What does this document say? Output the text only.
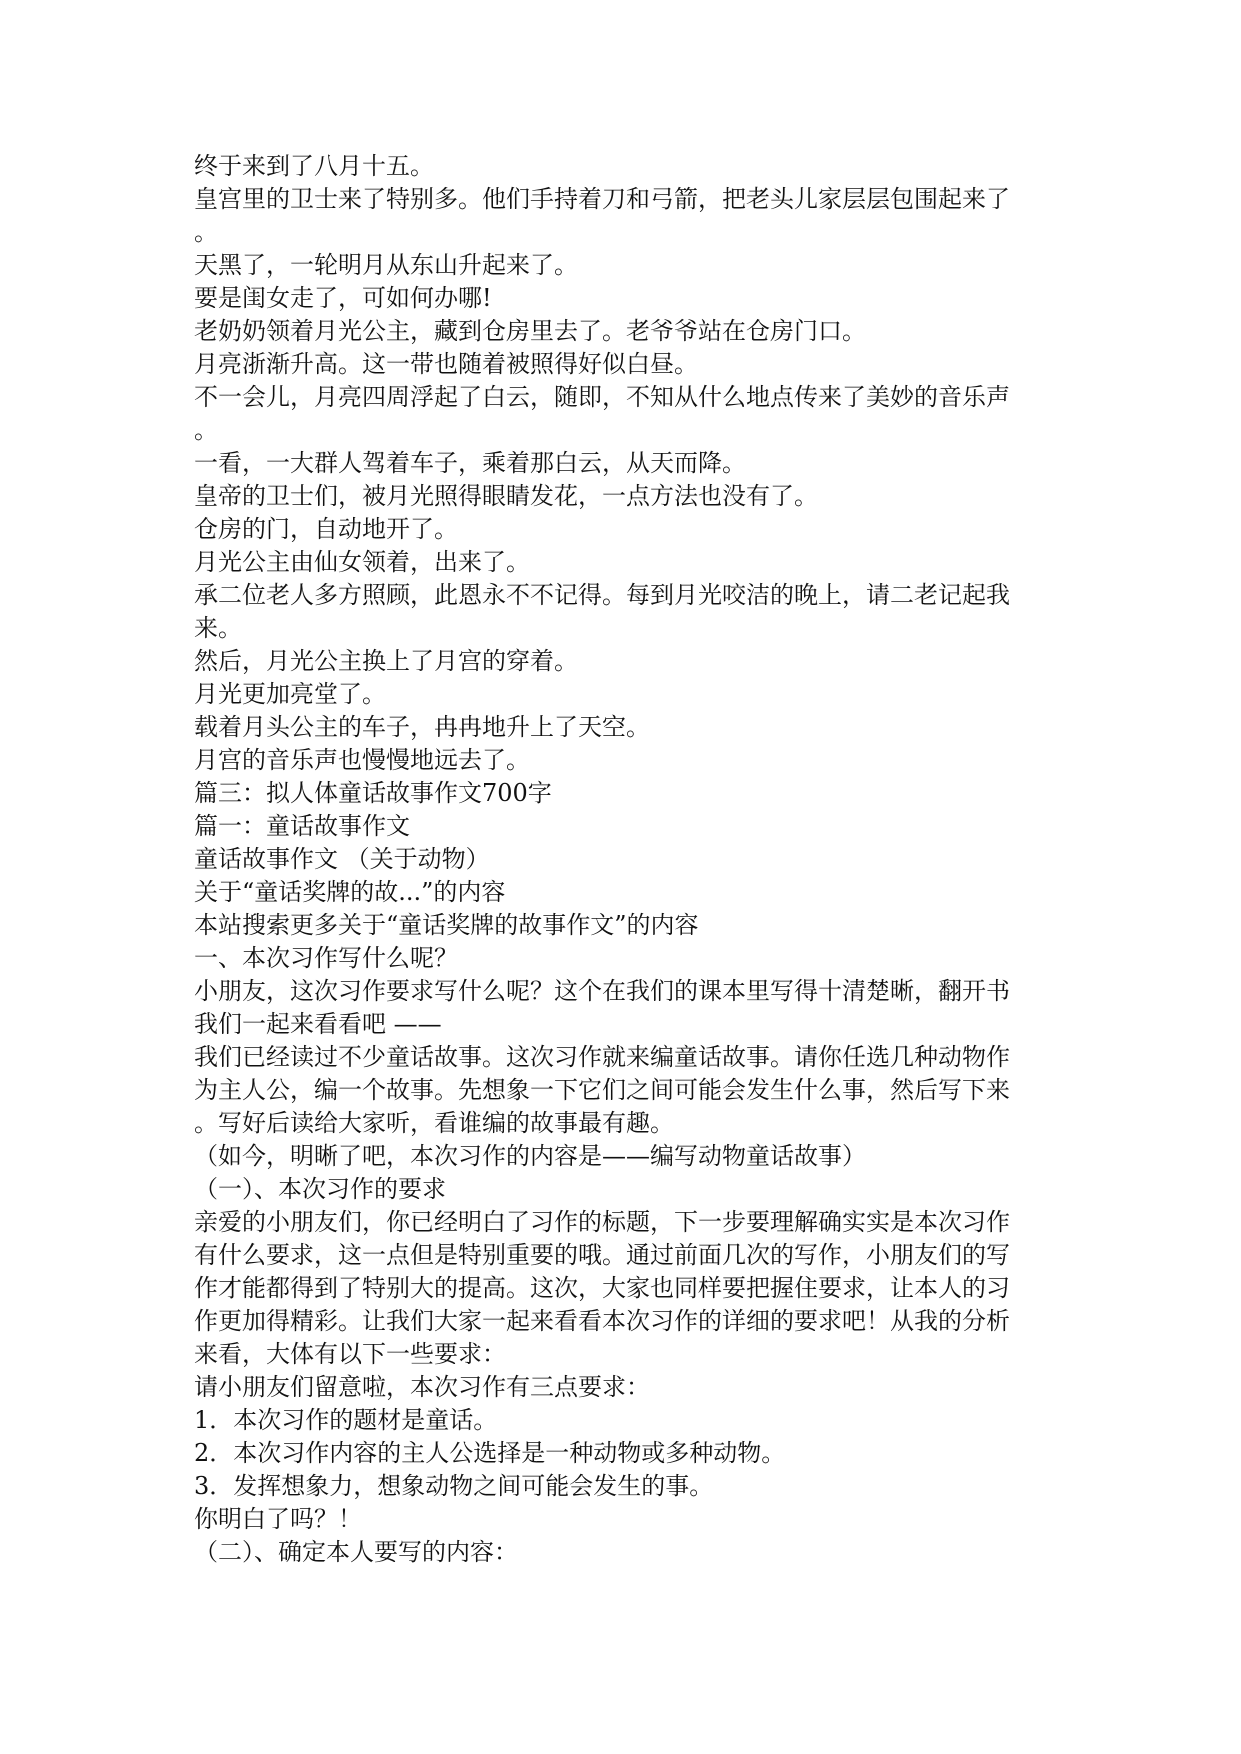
终于来到了八月十五。
皇宫里的卫士来了特别多。他们手持着刀和弓箭，把老头儿家层层包围起来了
。
天黑了，一轮明月从东山升起来了。
要是闺女走了，可如何办哪!
老奶奶领着月光公主，藏到仓房里去了。老爷爷站在仓房门口。
月亮浙渐升高。这一带也随着被照得好似白昼。
不一会儿，月亮四周浮起了白云，随即，不知从什么地点传来了美妙的音乐声
。
一看，一大群人驾着车子，乘着那白云，从天而降。
皇帝的卫士们，被月光照得眼睛发花，一点方法也没有了。
仓房的门，自动地开了。
月光公主由仙女领着，出来了。
承二位老人多方照顾，此恩永不不记得。每到月光咬洁的晚上，请二老记起我
来。
然后，月光公主换上了月宫的穿着。
月光更加亮堂了。
载着月头公主的车子，冉冉地升上了天空。
月宫的音乐声也慢慢地远去了。
篇三：拟人体童话故事作文700字
篇一：童话故事作文
童话故事作文 （关于动物）
关于“童话奖牌的故...”的内容
本站搜索更多关于“童话奖牌的故事作文”的内容
一、本次习作写什么呢？
小朋友，这次习作要求写什么呢？这个在我们的课本里写得十清楚晰，翻开书
我们一起来看看吧 ——
我们已经读过不少童话故事。这次习作就来编童话故事。请你任选几种动物作
为主人公，编一个故事。先想象一下它们之间可能会发生什么事，然后写下来
。写好后读给大家听，看谁编的故事最有趣。
（如今，明晰了吧，本次习作的内容是——编写动物童话故事）
（一）、本次习作的要求
亲爱的小朋友们，你已经明白了习作的标题，下一步要理解确实实是本次习作
有什么要求，这一点但是特别重要的哦。通过前面几次的写作，小朋友们的写
作才能都得到了特别大的提高。这次，大家也同样要把握住要求，让本人的习
作更加得精彩。让我们大家一起来看看本次习作的详细的要求吧！从我的分析
来看，大体有以下一些要求：
请小朋友们留意啦，本次习作有三点要求：
1．本次习作的题材是童话。
2．本次习作内容的主人公选择是一种动物或多种动物。
3．发挥想象力，想象动物之间可能会发生的事。
你明白了吗？！
（二）、确定本人要写的内容：
